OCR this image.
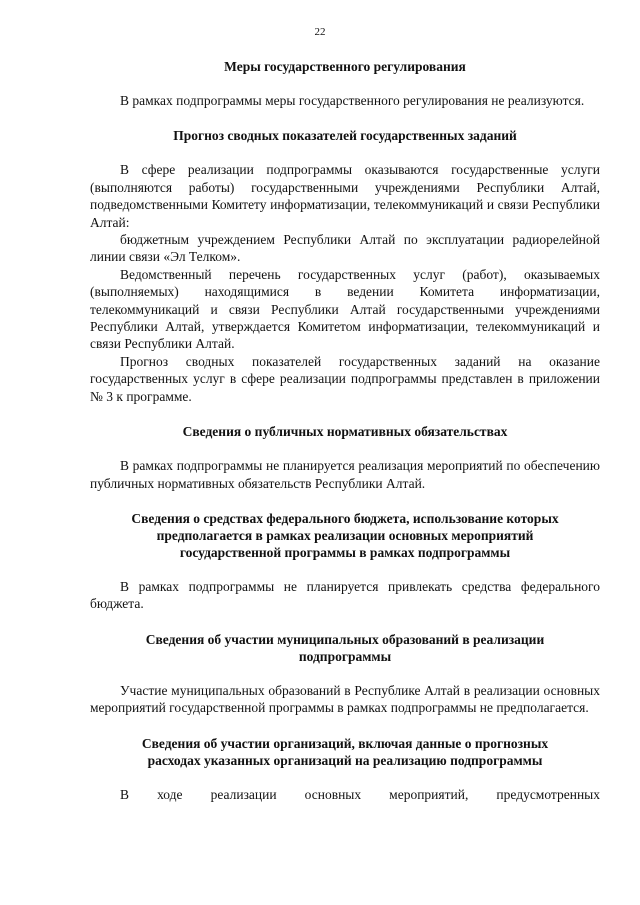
22
Меры государственного регулирования

В рамках подпрограммы меры государственного регулирования не реализуются.

Прогноз сводных показателей государственных заданий

В сфере реализации подпрограммы оказываются государственные услуги (выполняются работы) государственными учреждениями Республики Алтай, подведомственными Комитету информатизации, телекоммуникаций и связи Республики Алтай:

бюджетным учреждением Республики Алтай по эксплуатации радиорелейной линии связи «Эл Телком».

Ведомственный перечень государственных услуг (работ), оказываемых (выполняемых) находящимися в ведении Комитета информатизации, телекоммуникаций и связи Республики Алтай государственными учреждениями Республики Алтай, утверждается Комитетом информатизации, телекоммуникаций и связи Республики Алтай.

Прогноз сводных показателей государственных заданий на оказание государственных услуг в сфере реализации подпрограммы представлен в приложении № 3 к программе.

Сведения о публичных нормативных обязательствах

В рамках подпрограммы не планируется реализация мероприятий по обеспечению публичных нормативных обязательств Республики Алтай.

Сведения о средствах федерального бюджета, использование которых предполагается в рамках реализации основных мероприятий государственной программы в рамках подпрограммы

В рамках подпрограммы не планируется привлекать средства федерального бюджета.

Сведения об участии муниципальных образований в реализации подпрограммы

Участие муниципальных образований в Республике Алтай в реализации основных мероприятий государственной программы в рамках подпрограммы не предполагается.

Сведения об участии организаций, включая данные о прогнозных расходах указанных организаций на реализацию подпрограммы

В ходе реализации основных мероприятий, предусмотренных
